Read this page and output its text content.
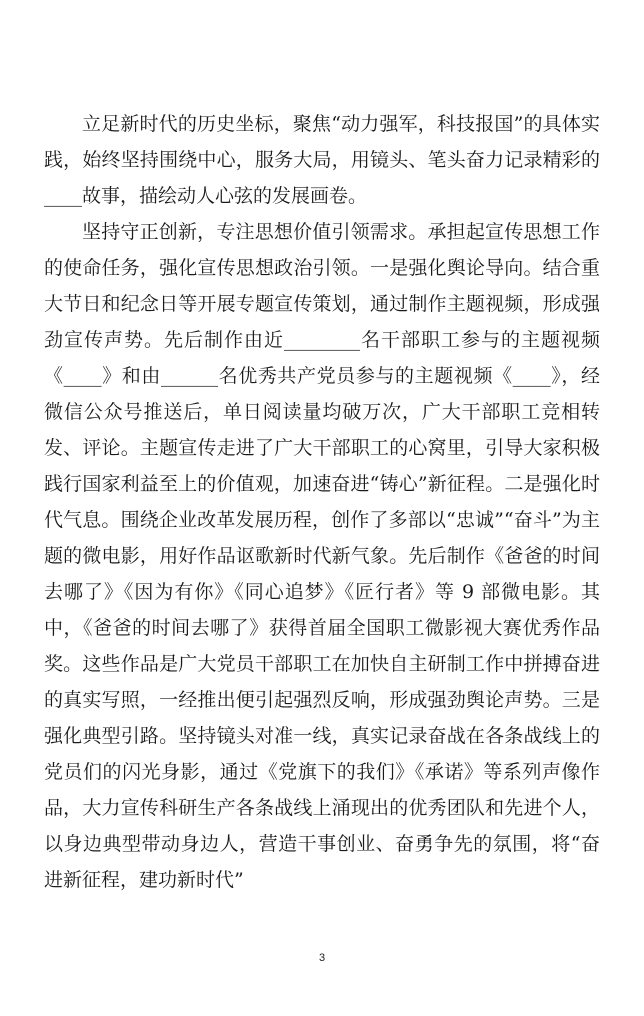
立足新时代的历史坐标，聚焦“动力强军，科技报国”的具体实践，始终坚持围绕中心，服务大局，用镜头、笔头奋力记录精彩的____故事，描绘动人心弦的发展画卷。

坚持守正创新，专注思想价值引领需求。承担起宣传思想工作的使命任务，强化宣传思想政治引领。一是强化舆论导向。结合重大节日和纪念日等开展专题宣传策划，通过制作主题视频，形成强劲宣传声势。先后制作由近________名干部职工参与的主题视频《____》和由______名优秀共产党员参与的主题视频《____》，经微信公众号推送后，单日阅读量均破万次，广大干部职工竞相转发、评论。主题宣传走进了广大干部职工的心窝里，引导大家积极践行国家利益至上的价值观，加速奋进“铸心”新征程。二是强化时代气息。围绕企业改革发展历程，创作了多部以“忠诚”“奋斗”为主题的微电影，用好作品讴歌新时代新气象。先后制作《爸爸的时间去哪了》《因为有你》《同心追梦》《匠行者》等 9 部微电影。其中，《爸爸的时间去哪了》获得首届全国职工微影视大赛优秀作品奖。这些作品是广大党员干部职工在加快自主研制工作中拼搏奋进的真实写照，一经推出便引起强烈反响，形成强劲舆论声势。三是强化典型引路。坚持镜头对准一线，真实记录奋战在各条战线上的党员们的闪光身影，通过《党旗下的我们》《承诺》等系列声像作品，大力宣传科研生产各条战线上涌现出的优秀团队和先进个人，以身边典型带动身边人，营造干事创业、奋勇争先的氛围，将“奋进新征程，建功新时代”

3
